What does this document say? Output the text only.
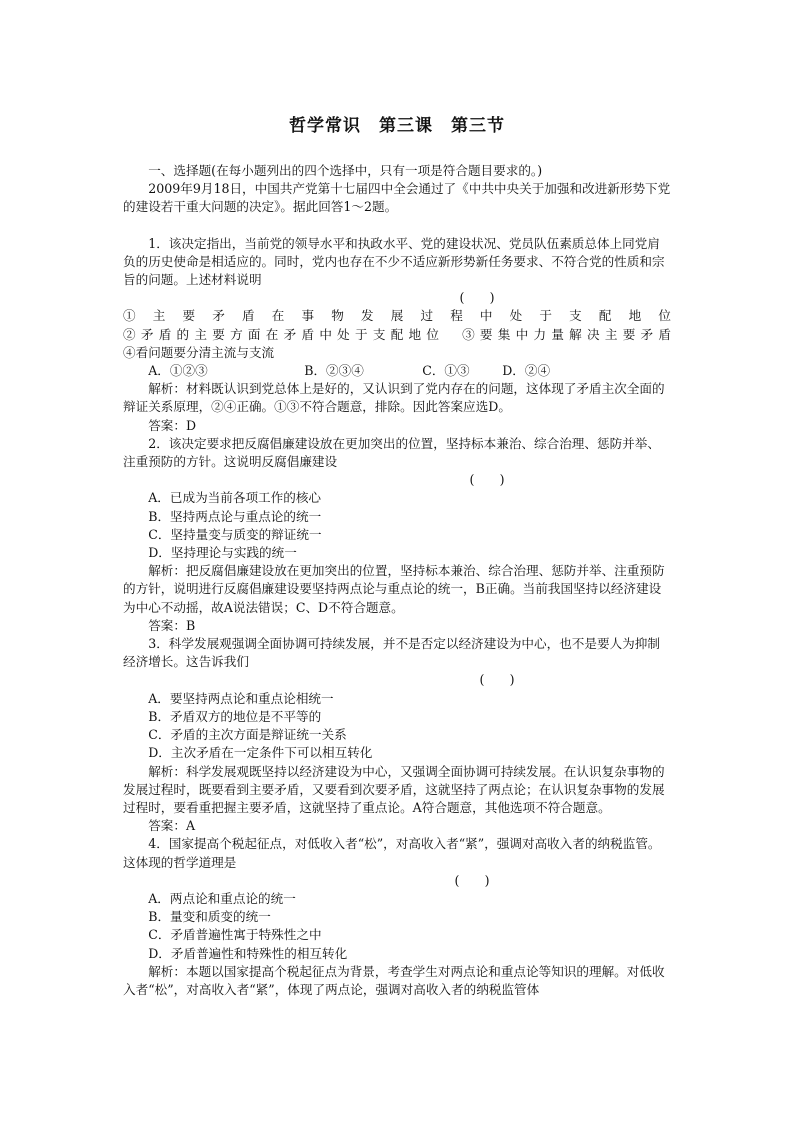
哲学常识　第三课　第三节

一、选择题(在每小题列出的四个选择中，只有一项是符合题目要求的。)

2009年9月18日，中国共产党第十七届四中全会通过了《中共中央关于加强和改进新形势下党的建设若干重大问题的决定》。据此回答1～2题。

1．该决定指出，当前党的领导水平和执政水平、党的建设状况、党员队伍素质总体上同党肩负的历史使命是相适应的。同时，党内也存在不少不适应新形势新任务要求、不符合党的性质和宗旨的问题。上述材料说明

(　　)

①主要矛盾在事物发展过程中处于支配地位

②矛盾的主要方面在矛盾中处于支配地位　③要集中力量解决主要矛盾

④看问题要分清主流与支流

A．①②③	B．②③④	C．①③	D．②④

解析：材料既认识到党总体上是好的，又认识到了党内存在的问题，这体现了矛盾主次全面的辩证关系原理，②④正确。①③不符合题意，排除。因此答案应选D。

答案：D

2．该决定要求把反腐倡廉建设放在更加突出的位置，坚持标本兼治、综合治理、惩防并举、注重预防的方针。这说明反腐倡廉建设

(　　)

A．已成为当前各项工作的核心

B．坚持两点论与重点论的统一

C．坚持量变与质变的辩证统一

D．坚持理论与实践的统一

解析：把反腐倡廉建设放在更加突出的位置，坚持标本兼治、综合治理、惩防并举、注重预防的方针，说明进行反腐倡廉建设要坚持两点论与重点论的统一，B正确。当前我国坚持以经济建设为中心不动摇，故A说法错误；C、D不符合题意。

答案：B

3．科学发展观强调全面协调可持续发展，并不是否定以经济建设为中心，也不是要人为抑制经济增长。这告诉我们

(　　)

A．要坚持两点论和重点论相统一

B．矛盾双方的地位是不平等的

C．矛盾的主次方面是辩证统一关系

D．主次矛盾在一定条件下可以相互转化

解析：科学发展观既坚持以经济建设为中心，又强调全面协调可持续发展。在认识复杂事物的发展过程时，既要看到主要矛盾，又要看到次要矛盾，这就坚持了两点论；在认识复杂事物的发展过程时，要看重把握主要矛盾，这就坚持了重点论。A符合题意，其他选项不符合题意。

答案：A

4．国家提高个税起征点，对低收入者“松”，对高收入者“紧”，强调对高收入者的纳税监管。这体现的哲学道理是

(　　)

A．两点论和重点论的统一

B．量变和质变的统一

C．矛盾普遍性寓于特殊性之中

D．矛盾普遍性和特殊性的相互转化

解析：本题以国家提高个税起征点为背景，考查学生对两点论和重点论等知识的理解。对低收入者“松”，对高收入者“紧”，体现了两点论，强调对高收入者的纳税监管体
